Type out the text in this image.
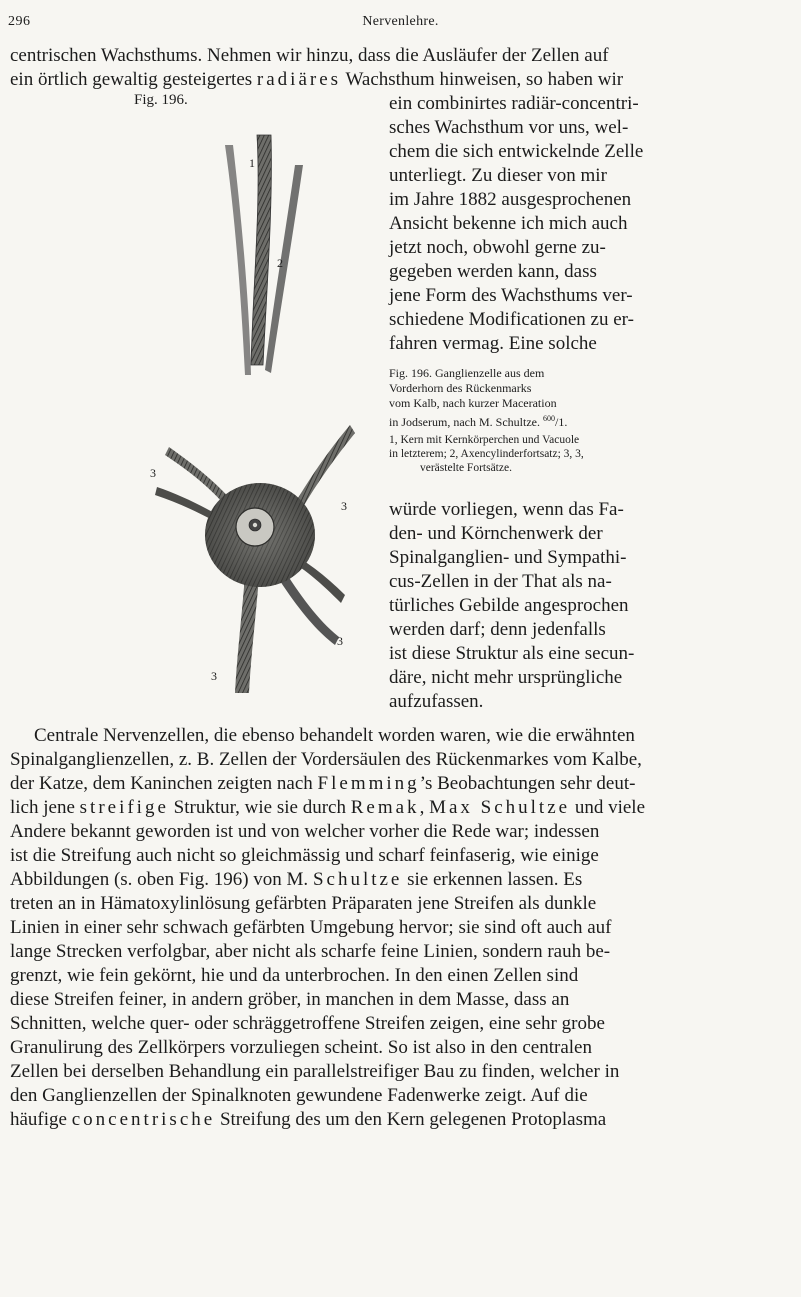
296	Nervenlehre.
centrischen Wachsthums. Nehmen wir hinzu, dass die Ausläufer der Zellen auf
ein örtlich gewaltig gesteigertes radiäres Wachsthum hinweisen, so haben wir
Fig. 196.
1
2
3
3
3
3
ein combinirtes radiär-concentri-
sches Wachsthum vor uns, wel-
chem die sich entwickelnde Zelle
unterliegt. Zu dieser von mir
im Jahre 1882 ausgesprochenen
Ansicht bekenne ich mich auch
jetzt noch, obwohl gerne zu-
gegeben werden kann, dass
jene Form des Wachsthums ver-
schiedene Modificationen zu er-
fahren vermag. Eine solche
Fig. 196. Ganglienzelle aus dem
Vorderhorn des Rückenmarks
vom Kalb, nach kurzer Maceration
in Jodserum, nach M. Schultze. $^{600}$/1.
1, Kern mit Kernkörperchen und Vacuole
in letzterem; 2, Axencylinderfortsatz; 3, 3,
verästelte Fortsätze.
würde vorliegen, wenn das Fa-
den- und Körnchenwerk der
Spinalganglien- und Sympathi-
cus-Zellen in der That als na-
türliches Gebilde angesprochen
werden darf; denn jedenfalls
ist diese Struktur als eine secun-
däre, nicht mehr ursprüngliche
aufzufassen.
Centrale Nervenzellen, die ebenso behandelt worden waren, wie die erwähnten
Spinalganglienzellen, z. B. Zellen der Vordersäulen des Rückenmarkes vom Kalbe,
der Katze, dem Kaninchen zeigten nach Flemming’s Beobachtungen sehr deut-
lich jene streifige Struktur, wie sie durch Remak, Max Schultze und viele
Andere bekannt geworden ist und von welcher vorher die Rede war; indessen
ist die Streifung auch nicht so gleichmässig und scharf feinfaserig, wie einige
Abbildungen (s. oben Fig. 196) von M. Schultze sie erkennen lassen. Es
treten an in Hämatoxylinlösung gefärbten Präparaten jene Streifen als dunkle
Linien in einer sehr schwach gefärbten Umgebung hervor; sie sind oft auch auf
lange Strecken verfolgbar, aber nicht als scharfe feine Linien, sondern rauh be-
grenzt, wie fein gekörnt, hie und da unterbrochen. In den einen Zellen sind
diese Streifen feiner, in andern gröber, in manchen in dem Masse, dass an
Schnitten, welche quer- oder schräggetroffene Streifen zeigen, eine sehr grobe
Granulirung des Zellkörpers vorzuliegen scheint. So ist also in den centralen
Zellen bei derselben Behandlung ein parallelstreifiger Bau zu finden, welcher in
den Ganglienzellen der Spinalknoten gewundene Fadenwerke zeigt. Auf die
häufige concentrische Streifung des um den Kern gelegenen Protoplasma
